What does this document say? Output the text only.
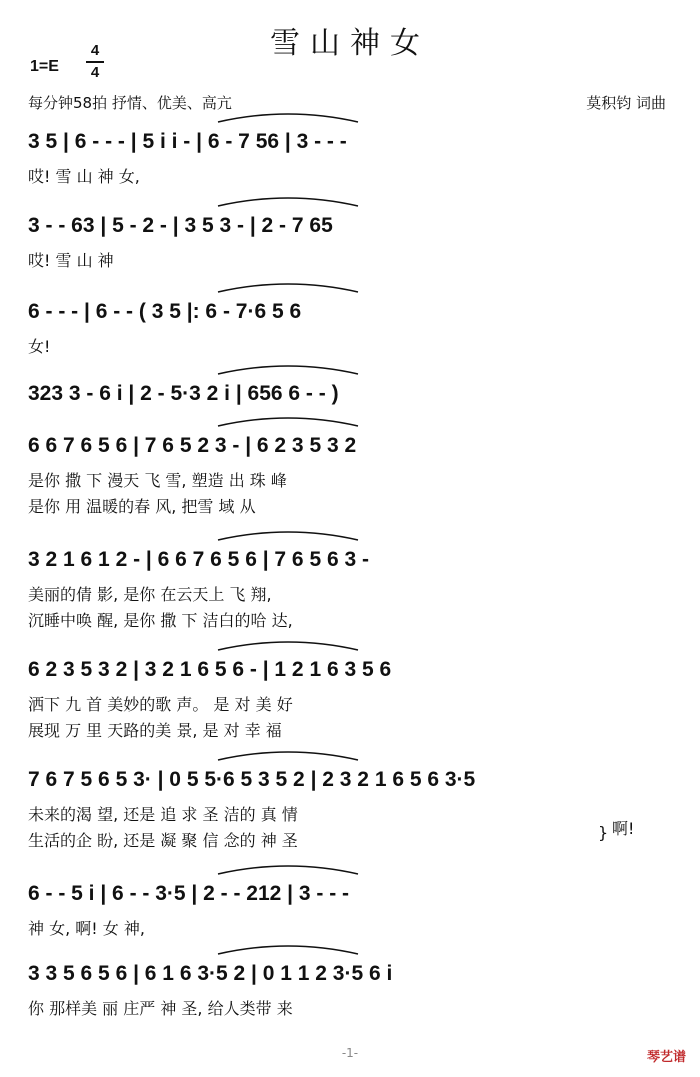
雪山神女
1=E
4
4
每分钟58拍 抒情、优美、高亢	莫积钧 词曲
3 5 | 6 - - - | 5 i i - | 6 - 7 56 | 3 - - -
哎! 雪 山 神 女,
3 - - 63 | 5 - 2 - | 3 5 3 - | 2 - 7 65
哎! 雪 山 神
6 - - - | 6 - - ( 3 5 |: 6 - 7·6 5 6
女!
323 3 - 6 i | 2 - 5·3 2 i | 656 6 - - )
6 6 7 6 5 6 | 7 6 5 2 3 - | 6 2 3 5 3 2
是你 撒 下 漫天 飞 雪, 塑造 出 珠 峰
是你 用 温暖的春 风, 把雪 域 从
3 2 1 6 1 2 - | 6 6 7 6 5 6 | 7 6 5 6 3 -
美丽的倩 影, 是你 在云天上 飞 翔,
沉睡中唤 醒, 是你 撒 下 洁白的哈 达,
6 2 3 5 3 2 | 3 2 1 6 5 6 - | 1 2 1 6 3 5 6
洒下 九 首 美妙的歌 声。 是 对 美 好
展现 万 里 天路的美 景, 是 对 幸 福
7 6 7 5 6 5 3· | 0 5 5·6 5 3 5 2 | 2 3 2 1 6 5 6 3·5
未来的渴 望, 还是 追 求 圣 洁的 真 情
生活的企 盼, 还是 凝 聚 信 念的 神 圣
啊!
}
6 - - 5 i | 6 - - 3·5 | 2 - - 212 | 3 - - -
神 女, 啊! 女 神,
3 3 5 6 5 6 | 6 1 6 3·5 2 | 0 1 1 2 3·5 6 i
你 那样美 丽 庄严 神 圣, 给人类带 来
-1-	琴艺谱
